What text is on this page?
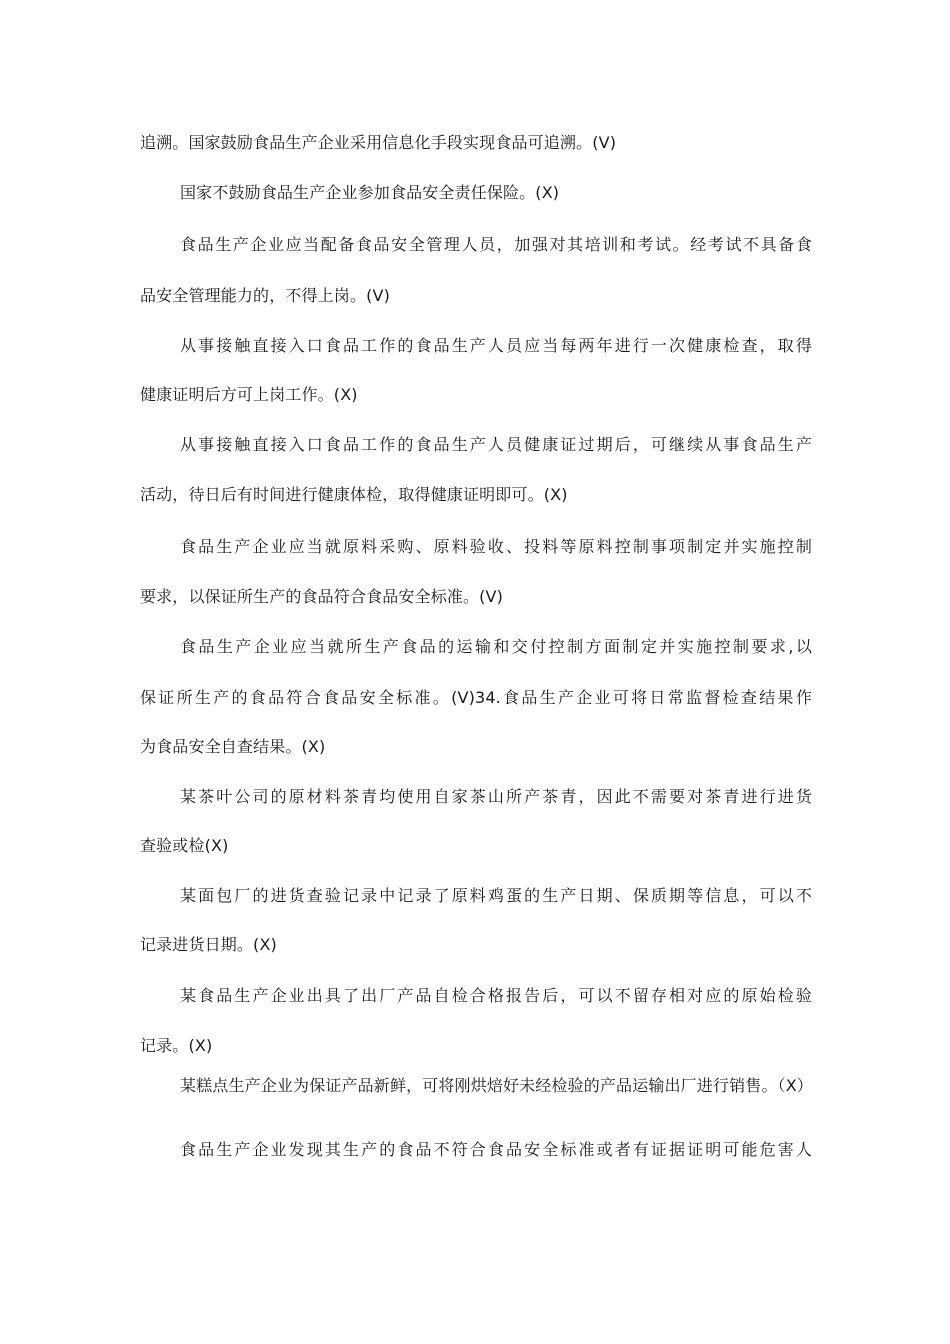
追溯。国家鼓励食品生产企业采用信息化手段实现食品可追溯。(V)
国家不鼓励食品生产企业参加食品安全责任保险。(X)
食品生产企业应当配备食品安全管理人员，加强对其培训和考试。经考试不具备食
品安全管理能力的，不得上岗。(V)
从事接触直接入口食品工作的食品生产人员应当每两年进行一次健康检查，取得
健康证明后方可上岗工作。(X)
从事接触直接入口食品工作的食品生产人员健康证过期后，可继续从事食品生产
活动，待日后有时间进行健康体检，取得健康证明即可。(X)
食品生产企业应当就原料采购、原料验收、投料等原料控制事项制定并实施控制
要求，以保证所生产的食品符合食品安全标准。(V)
食品生产企业应当就所生产食品的运输和交付控制方面制定并实施控制要求,以
保证所生产的食品符合食品安全标准。(V)34.食品生产企业可将日常监督检查结果作
为食品安全自查结果。(X)
某茶叶公司的原材料茶青均使用自家茶山所产茶青，因此不需要对茶青进行进货
查验或检(X)
某面包厂的进货查验记录中记录了原料鸡蛋的生产日期、保质期等信息，可以不
记录进货日期。(X)
某食品生产企业出具了出厂产品自检合格报告后，可以不留存相对应的原始检验
记录。(X)
某糕点生产企业为保证产品新鲜，可将刚烘焙好未经检验的产品运输出厂进行销售。（X）
食品生产企业发现其生产的食品不符合食品安全标准或者有证据证明可能危害人
